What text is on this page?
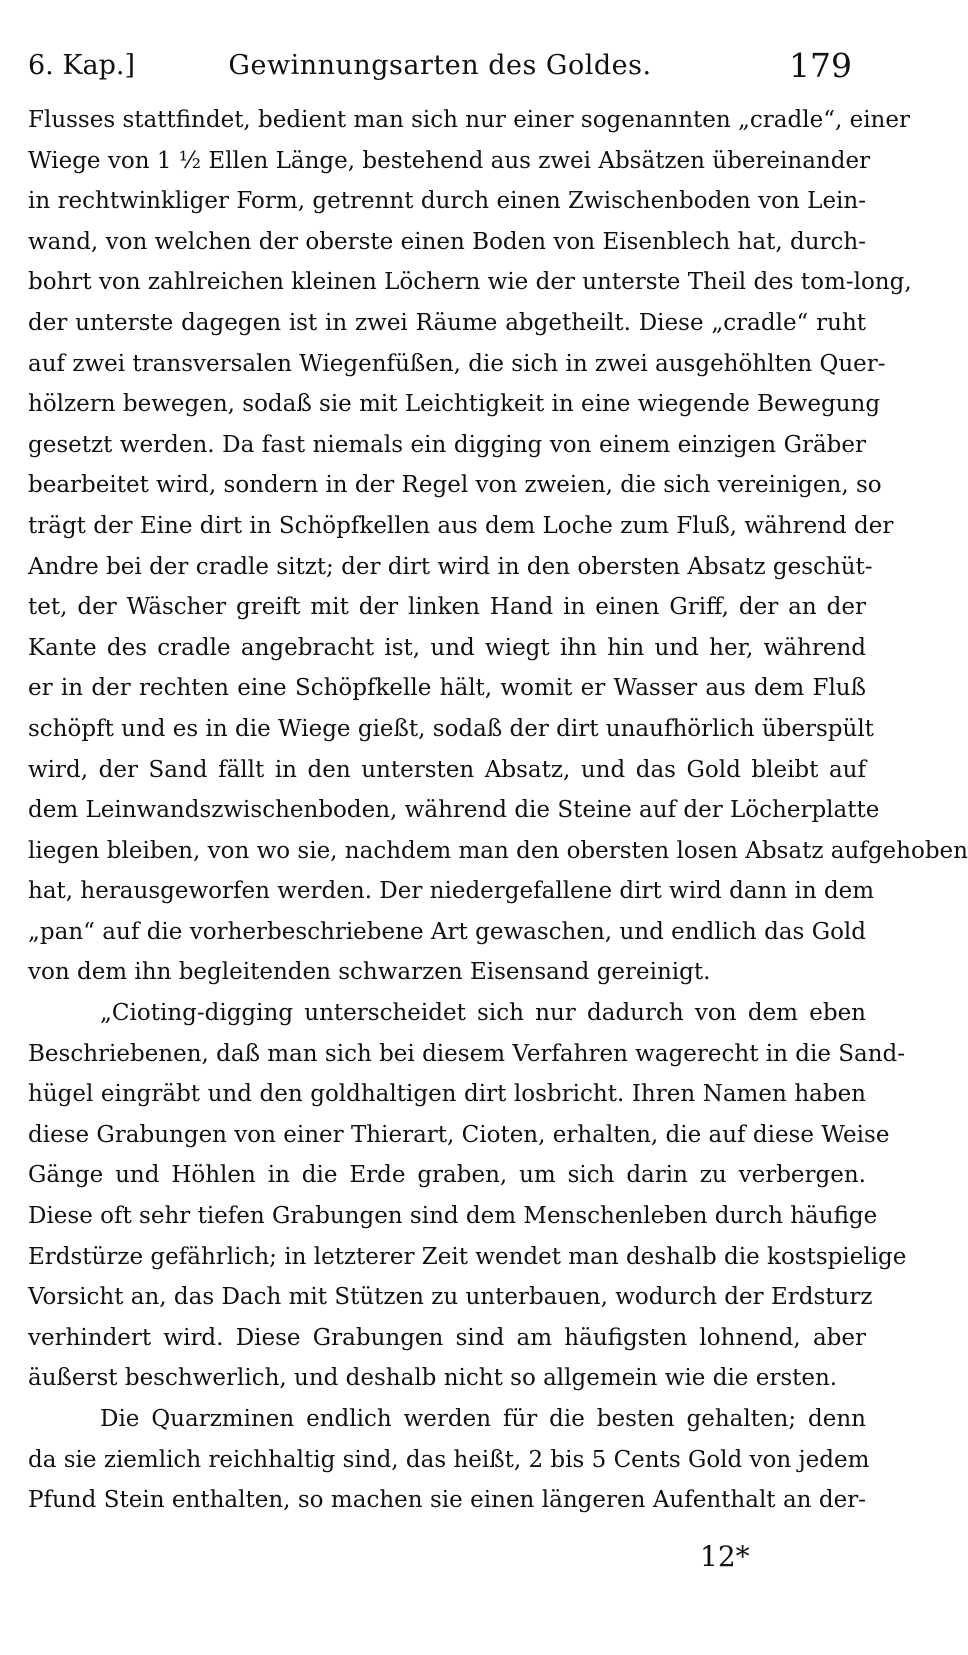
6. Kap.]	Gewinnungsarten des Goldes.	179
Flusses stattfindet, bedient man sich nur einer sogenannten „cradle“, einer
Wiege von 1 ½ Ellen Länge, bestehend aus zwei Absätzen übereinander
in rechtwinkliger Form, getrennt durch einen Zwischenboden von Lein-
wand, von welchen der oberste einen Boden von Eisenblech hat, durch-
bohrt von zahlreichen kleinen Löchern wie der unterste Theil des tom-long,
der unterste dagegen ist in zwei Räume abgetheilt. Diese „cradle“ ruht
auf zwei transversalen Wiegenfüßen, die sich in zwei ausgehöhlten Quer-
hölzern bewegen, sodaß sie mit Leichtigkeit in eine wiegende Bewegung
gesetzt werden. Da fast niemals ein digging von einem einzigen Gräber
bearbeitet wird, sondern in der Regel von zweien, die sich vereinigen, so
trägt der Eine dirt in Schöpfkellen aus dem Loche zum Fluß, während der
Andre bei der cradle sitzt; der dirt wird in den obersten Absatz geschüt-
tet, der Wäscher greift mit der linken Hand in einen Griff, der an der
Kante des cradle angebracht ist, und wiegt ihn hin und her, während
er in der rechten eine Schöpfkelle hält, womit er Wasser aus dem Fluß
schöpft und es in die Wiege gießt, sodaß der dirt unaufhörlich überspült
wird, der Sand fällt in den untersten Absatz, und das Gold bleibt auf
dem Leinwandszwischenboden, während die Steine auf der Löcherplatte
liegen bleiben, von wo sie, nachdem man den obersten losen Absatz aufgehoben
hat, herausgeworfen werden. Der niedergefallene dirt wird dann in dem
„pan“ auf die vorherbeschriebene Art gewaschen, und endlich das Gold
von dem ihn begleitenden schwarzen Eisensand gereinigt.
„Cioting-digging unterscheidet sich nur dadurch von dem eben
Beschriebenen, daß man sich bei diesem Verfahren wagerecht in die Sand-
hügel eingräbt und den goldhaltigen dirt losbricht. Ihren Namen haben
diese Grabungen von einer Thierart, Cioten, erhalten, die auf diese Weise
Gänge und Höhlen in die Erde graben, um sich darin zu verbergen.
Diese oft sehr tiefen Grabungen sind dem Menschenleben durch häufige
Erdstürze gefährlich; in letzterer Zeit wendet man deshalb die kostspielige
Vorsicht an, das Dach mit Stützen zu unterbauen, wodurch der Erdsturz
verhindert wird. Diese Grabungen sind am häufigsten lohnend, aber
äußerst beschwerlich, und deshalb nicht so allgemein wie die ersten.
Die Quarzminen endlich werden für die besten gehalten; denn
da sie ziemlich reichhaltig sind, das heißt, 2 bis 5 Cents Gold von jedem
Pfund Stein enthalten, so machen sie einen längeren Aufenthalt an der-
12*
